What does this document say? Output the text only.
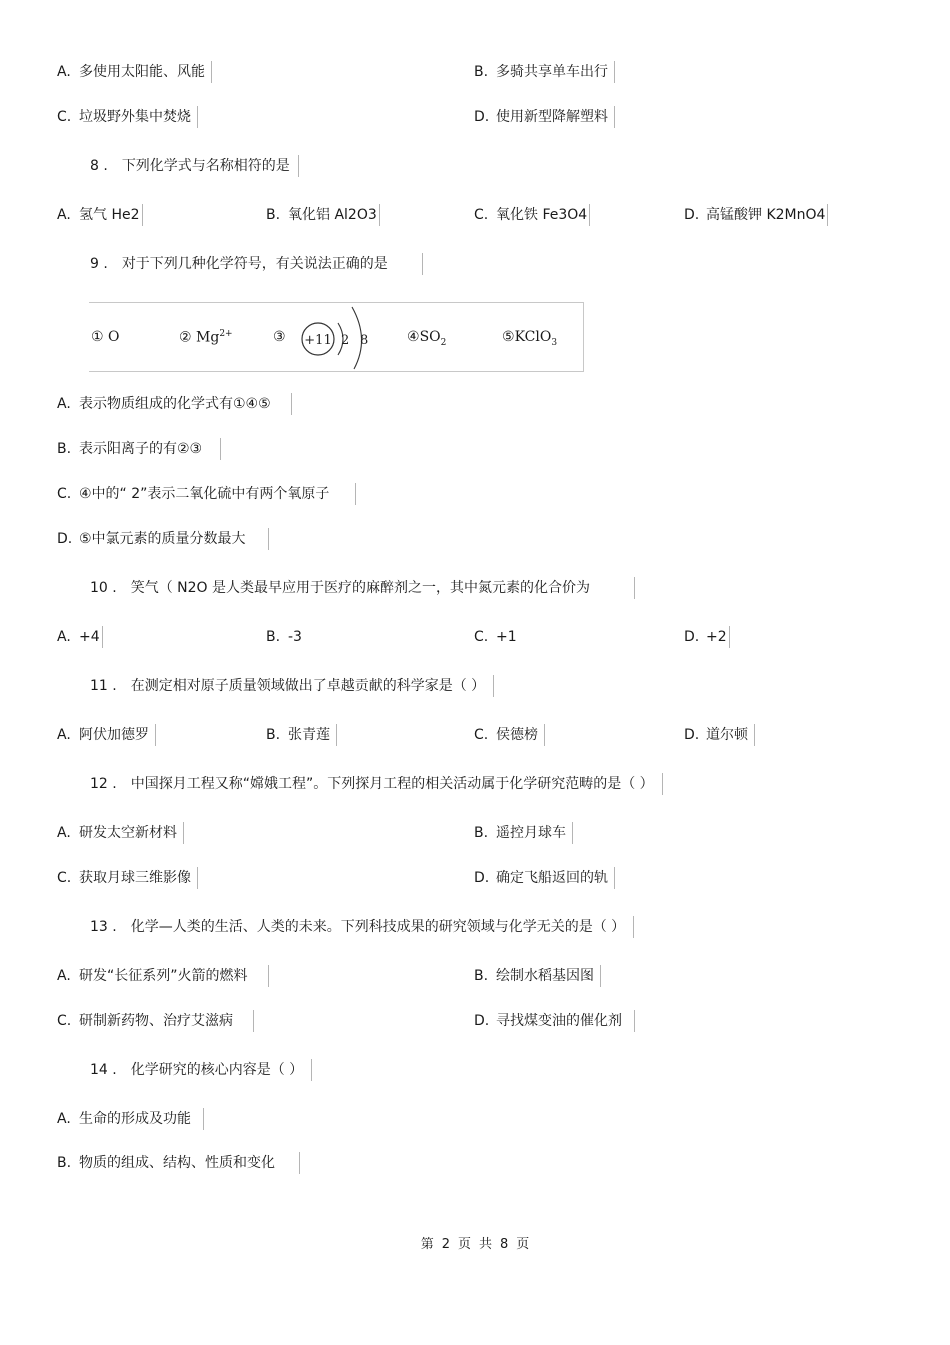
A. 多使用太阳能、风能	B. 多骑共享单车出行
C. 垃圾野外集中焚烧	D. 使用新型降解塑料
8 . 下列化学式与名称相符的是
A. 氢气 He2	B. 氧化铝 Al2O3	C. 氧化铁 Fe3O4	D. 高锰酸钾 K2MnO4
9 . 对于下列几种化学符号，有关说法正确的是
① O	② $Mg^{2+}$	③ +11 2 8	$④SO_2$	⑤KClO$_3$
A. 表示物质组成的化学式有①④⑤
B. 表示阳离子的有②③
C. ④中的“ 2”表示二氧化硫中有两个氧原子
D. ⑤中氯元素的质量分数最大
10 . 笑气（ N2O 是人类最早应用于医疗的麻醉剂之一，其中氮元素的化合价为
A. +4	B. -3	C. +1	D. +2
11 . 在测定相对原子质量领域做出了卓越贡献的科学家是（ ）
A. 阿伏加德罗	B. 张青莲	C. 侯德榜	D. 道尔顿
12 . 中国探月工程又称“嫦娥工程”。下列探月工程的相关活动属于化学研究范畴的是（ ）
A. 研发太空新材料	B. 遥控月球车
C. 获取月球三维影像	D. 确定飞船返回的轨
13 . 化学—人类的生活、人类的未来。下列科技成果的研究领域与化学无关的是（ ）
A. 研发“长征系列”火箭的燃料	B. 绘制水稻基因图
C. 研制新药物、治疗艾滋病	D. 寻找煤变油的催化剂
14 . 化学研究的核心内容是（ ）
A. 生命的形成及功能
B. 物质的组成、结构、性质和变化
第 2 页 共 8 页
